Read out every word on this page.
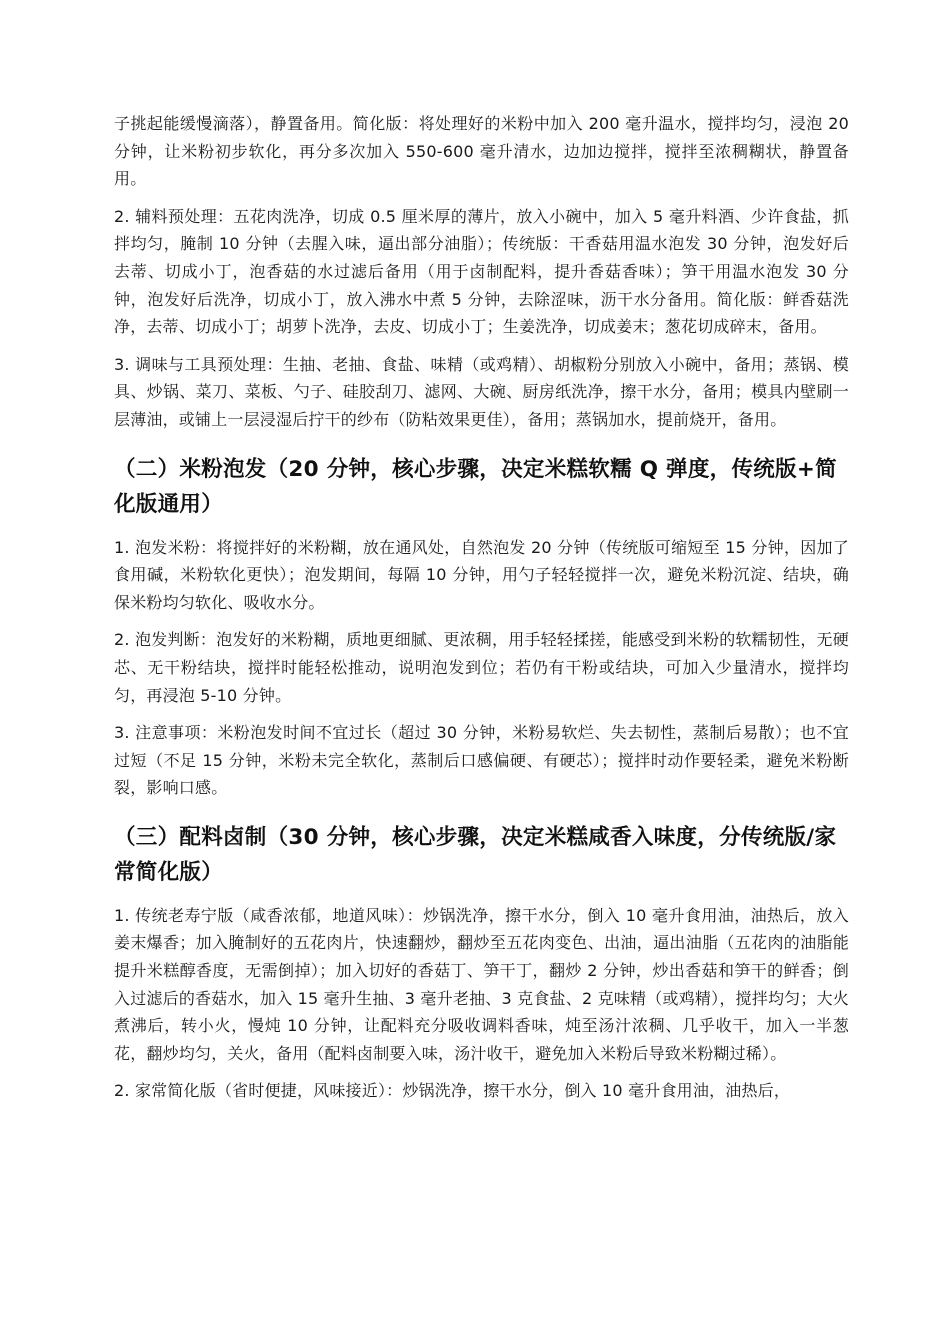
子挑起能缓慢滴落），静置备用。简化版：将处理好的米粉中加入 200 毫升温水，搅拌均匀，浸泡 20 分钟，让米粉初步软化，再分多次加入 550-600 毫升清水，边加边搅拌，搅拌至浓稠糊状，静置备用。

2. 辅料预处理：五花肉洗净，切成 0.5 厘米厚的薄片，放入小碗中，加入 5 毫升料酒、少许食盐，抓拌均匀，腌制 10 分钟（去腥入味，逼出部分油脂）；传统版：干香菇用温水泡发 30 分钟，泡发好后去蒂、切成小丁，泡香菇的水过滤后备用（用于卤制配料，提升香菇香味）；笋干用温水泡发 30 分钟，泡发好后洗净，切成小丁，放入沸水中煮 5 分钟，去除涩味，沥干水分备用。简化版：鲜香菇洗净，去蒂、切成小丁；胡萝卜洗净，去皮、切成小丁；生姜洗净，切成姜末；葱花切成碎末，备用。

3. 调味与工具预处理：生抽、老抽、食盐、味精（或鸡精）、胡椒粉分别放入小碗中，备用；蒸锅、模具、炒锅、菜刀、菜板、勺子、硅胶刮刀、滤网、大碗、厨房纸洗净，擦干水分，备用；模具内壁刷一层薄油，或铺上一层浸湿后拧干的纱布（防粘效果更佳），备用；蒸锅加水，提前烧开，备用。

（二）米粉泡发（20 分钟，核心步骤，决定米糕软糯 Q 弹度，传统版+简化版通用）

1. 泡发米粉：将搅拌好的米粉糊，放在通风处，自然泡发 20 分钟（传统版可缩短至 15 分钟，因加了食用碱，米粉软化更快）；泡发期间，每隔 10 分钟，用勺子轻轻搅拌一次，避免米粉沉淀、结块，确保米粉均匀软化、吸收水分。

2. 泡发判断：泡发好的米粉糊，质地更细腻、更浓稠，用手轻轻揉搓，能感受到米粉的软糯韧性，无硬芯、无干粉结块，搅拌时能轻松推动，说明泡发到位；若仍有干粉或结块，可加入少量清水，搅拌均匀，再浸泡 5-10 分钟。

3. 注意事项：米粉泡发时间不宜过长（超过 30 分钟，米粉易软烂、失去韧性，蒸制后易散）；也不宜过短（不足 15 分钟，米粉未完全软化，蒸制后口感偏硬、有硬芯）；搅拌时动作要轻柔，避免米粉断裂，影响口感。

（三）配料卤制（30 分钟，核心步骤，决定米糕咸香入味度，分传统版/家常简化版）

1. 传统老寿宁版（咸香浓郁，地道风味）：炒锅洗净，擦干水分，倒入 10 毫升食用油，油热后，放入姜末爆香；加入腌制好的五花肉片，快速翻炒，翻炒至五花肉变色、出油，逼出油脂（五花肉的油脂能提升米糕醇香度，无需倒掉）；加入切好的香菇丁、笋干丁，翻炒 2 分钟，炒出香菇和笋干的鲜香；倒入过滤后的香菇水，加入 15 毫升生抽、3 毫升老抽、3 克食盐、2 克味精（或鸡精），搅拌均匀；大火煮沸后，转小火，慢炖 10 分钟，让配料充分吸收调料香味，炖至汤汁浓稠、几乎收干，加入一半葱花，翻炒均匀，关火，备用（配料卤制要入味，汤汁收干，避免加入米粉后导致米粉糊过稀）。

2. 家常简化版（省时便捷，风味接近）：炒锅洗净，擦干水分，倒入 10 毫升食用油，油热后，
